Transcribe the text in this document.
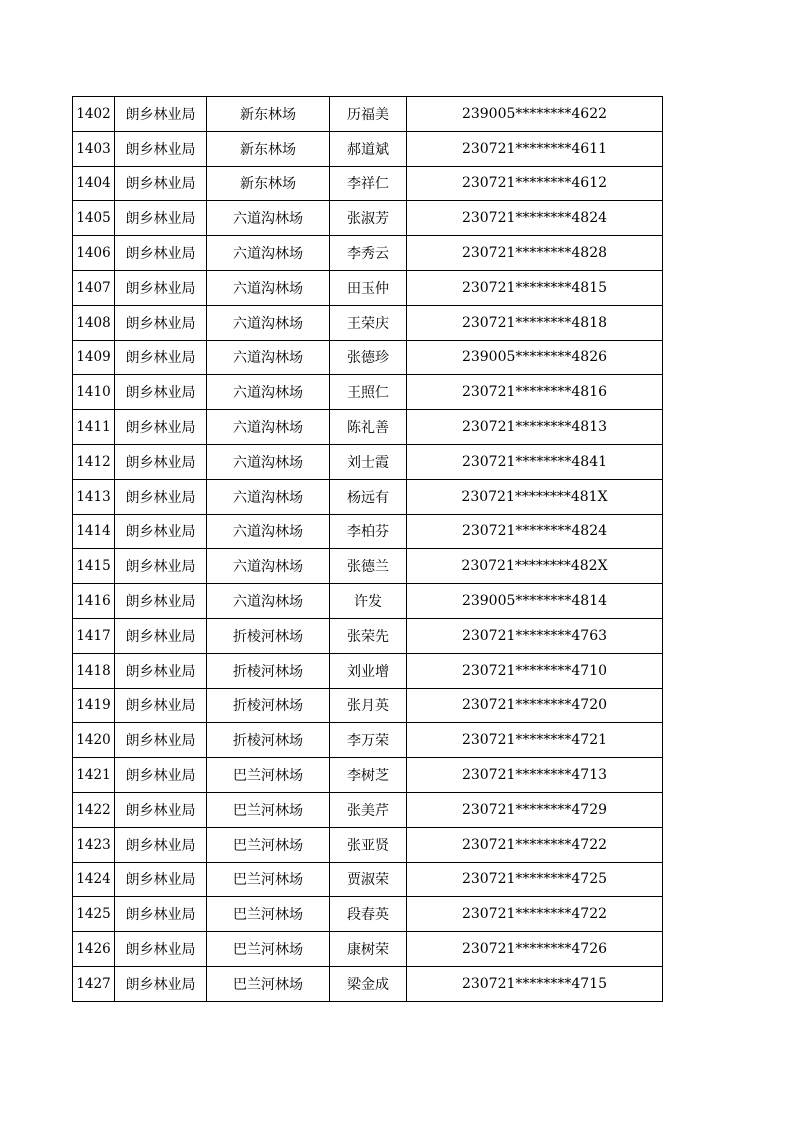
1402	朗乡林业局	新东林场	历福美	239005********4622
1403	朗乡林业局	新东林场	郝道斌	230721********4611
1404	朗乡林业局	新东林场	李祥仁	230721********4612
1405	朗乡林业局	六道沟林场	张淑芳	230721********4824
1406	朗乡林业局	六道沟林场	李秀云	230721********4828
1407	朗乡林业局	六道沟林场	田玉仲	230721********4815
1408	朗乡林业局	六道沟林场	王荣庆	230721********4818
1409	朗乡林业局	六道沟林场	张德珍	239005********4826
1410	朗乡林业局	六道沟林场	王照仁	230721********4816
1411	朗乡林业局	六道沟林场	陈礼善	230721********4813
1412	朗乡林业局	六道沟林场	刘士霞	230721********4841
1413	朗乡林业局	六道沟林场	杨远有	230721********481X
1414	朗乡林业局	六道沟林场	李柏芬	230721********4824
1415	朗乡林业局	六道沟林场	张德兰	230721********482X
1416	朗乡林业局	六道沟林场	许发	239005********4814
1417	朗乡林业局	折棱河林场	张荣先	230721********4763
1418	朗乡林业局	折棱河林场	刘业增	230721********4710
1419	朗乡林业局	折棱河林场	张月英	230721********4720
1420	朗乡林业局	折棱河林场	李万荣	230721********4721
1421	朗乡林业局	巴兰河林场	李树芝	230721********4713
1422	朗乡林业局	巴兰河林场	张美芹	230721********4729
1423	朗乡林业局	巴兰河林场	张亚贤	230721********4722
1424	朗乡林业局	巴兰河林场	贾淑荣	230721********4725
1425	朗乡林业局	巴兰河林场	段春英	230721********4722
1426	朗乡林业局	巴兰河林场	康树荣	230721********4726
1427	朗乡林业局	巴兰河林场	梁金成	230721********4715
